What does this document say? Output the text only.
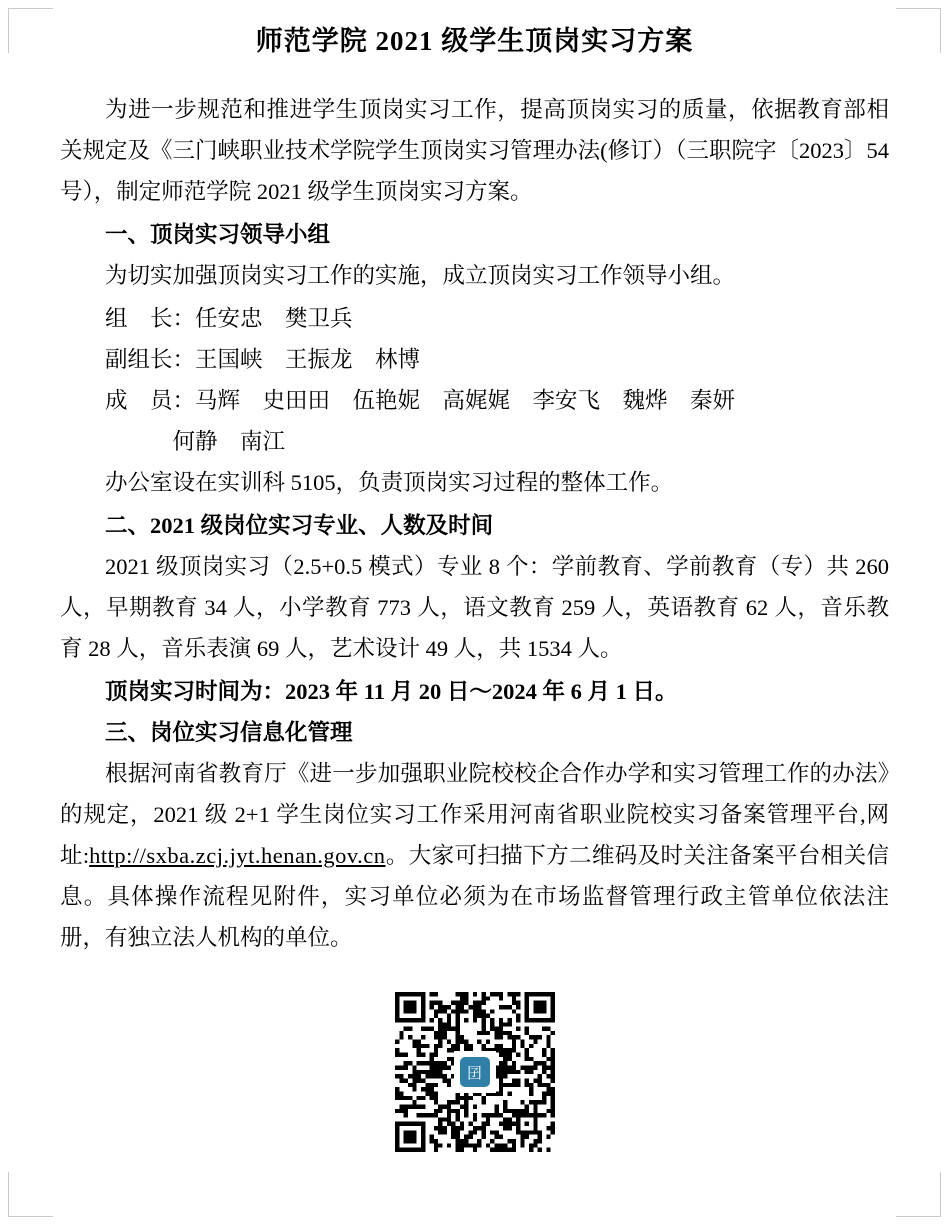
师范学院 2021 级学生顶岗实习方案

为进一步规范和推进学生顶岗实习工作，提高顶岗实习的质量，依据教育部相关规定及《三门峡职业技术学院学生顶岗实习管理办法(修订）（三职院字〔2023〕54 号），制定师范学院 2021 级学生顶岗实习方案。

一、顶岗实习领导小组

为切实加强顶岗实习工作的实施，成立顶岗实习工作领导小组。

组　长：任安忠　樊卫兵

副组长：王国峡　王振龙　林博

成　员：马辉　史田田　伍艳妮　高娓娓　李安飞　魏烨　秦妍

何静　南江

办公室设在实训科 5105，负责顶岗实习过程的整体工作。

二、2021 级岗位实习专业、人数及时间

2021 级顶岗实习（2.5+0.5 模式）专业 8 个：学前教育、学前教育（专）共 260 人，早期教育 34 人，小学教育 773 人，语文教育 259 人，英语教育 62 人，音乐教育 28 人，音乐表演 69 人，艺术设计 49 人，共 1534 人。

顶岗实习时间为：2023 年 11 月 20 日～2024 年 6 月 1 日。

三、岗位实习信息化管理

根据河南省教育厅《进一步加强职业院校校企合作办学和实习管理工作的办法》的规定，2021 级 2+1 学生岗位实习工作采用河南省职业院校实习备案管理平台,网址:http://sxba.zcj.jyt.henan.gov.cn。大家可扫描下方二维码及时关注备案平台相关信息。具体操作流程见附件，实习单位必须为在市场监督管理行政主管单位依法注册，有独立法人机构的单位。

囝
